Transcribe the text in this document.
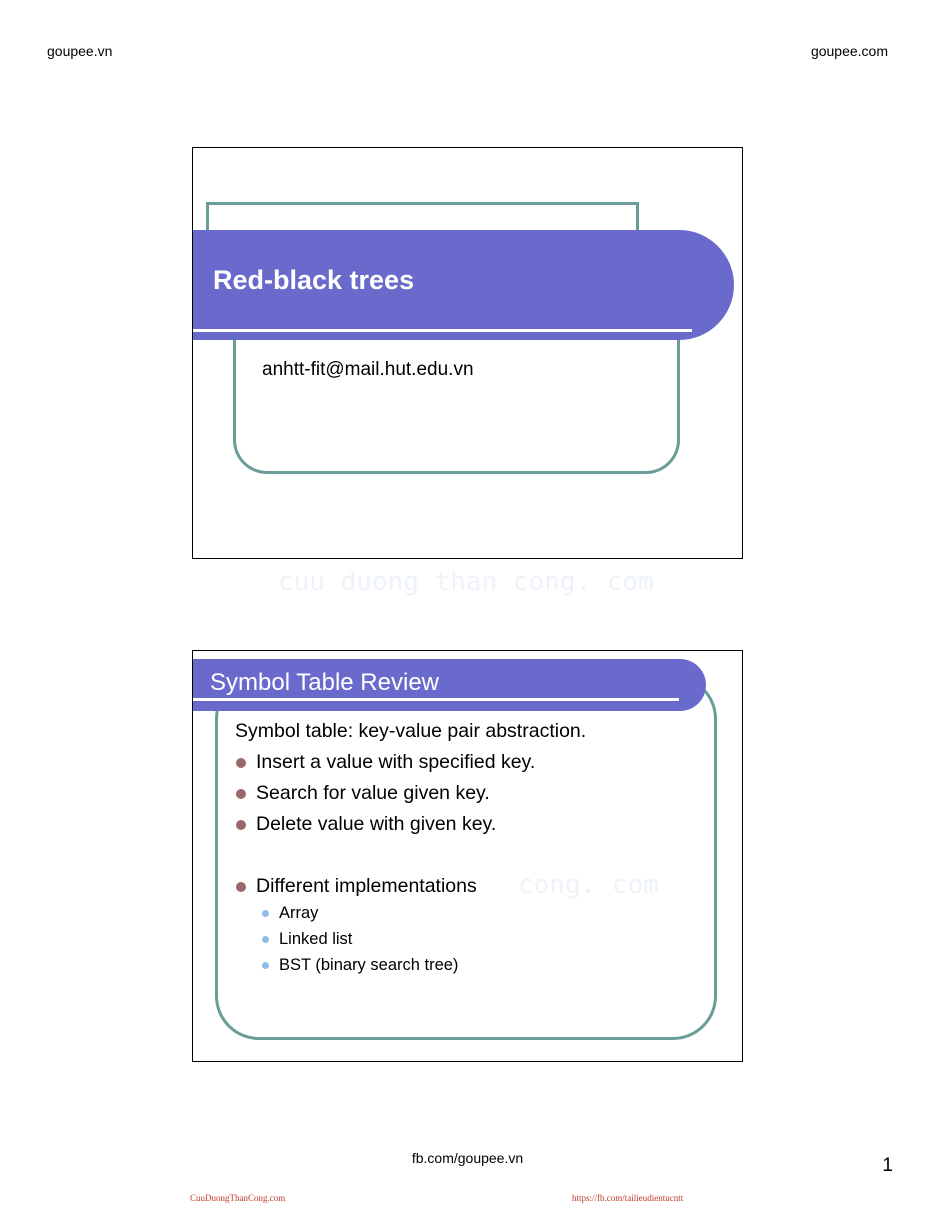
goupee.vn	goupee.com
Red-black trees
anhtt-fit@mail.hut.edu.vn
cuu duong than cong. com
Symbol Table Review
Symbol table: key-value pair abstraction.
Insert a value with specified key.
Search for value given key.
Delete value with given key.
Different implementations
Array
Linked list
BST (binary search tree)
cong. com
fb.com/goupee.vn	1
CuuDuongThanCong.com	https://fb.com/tailieudientucntt
